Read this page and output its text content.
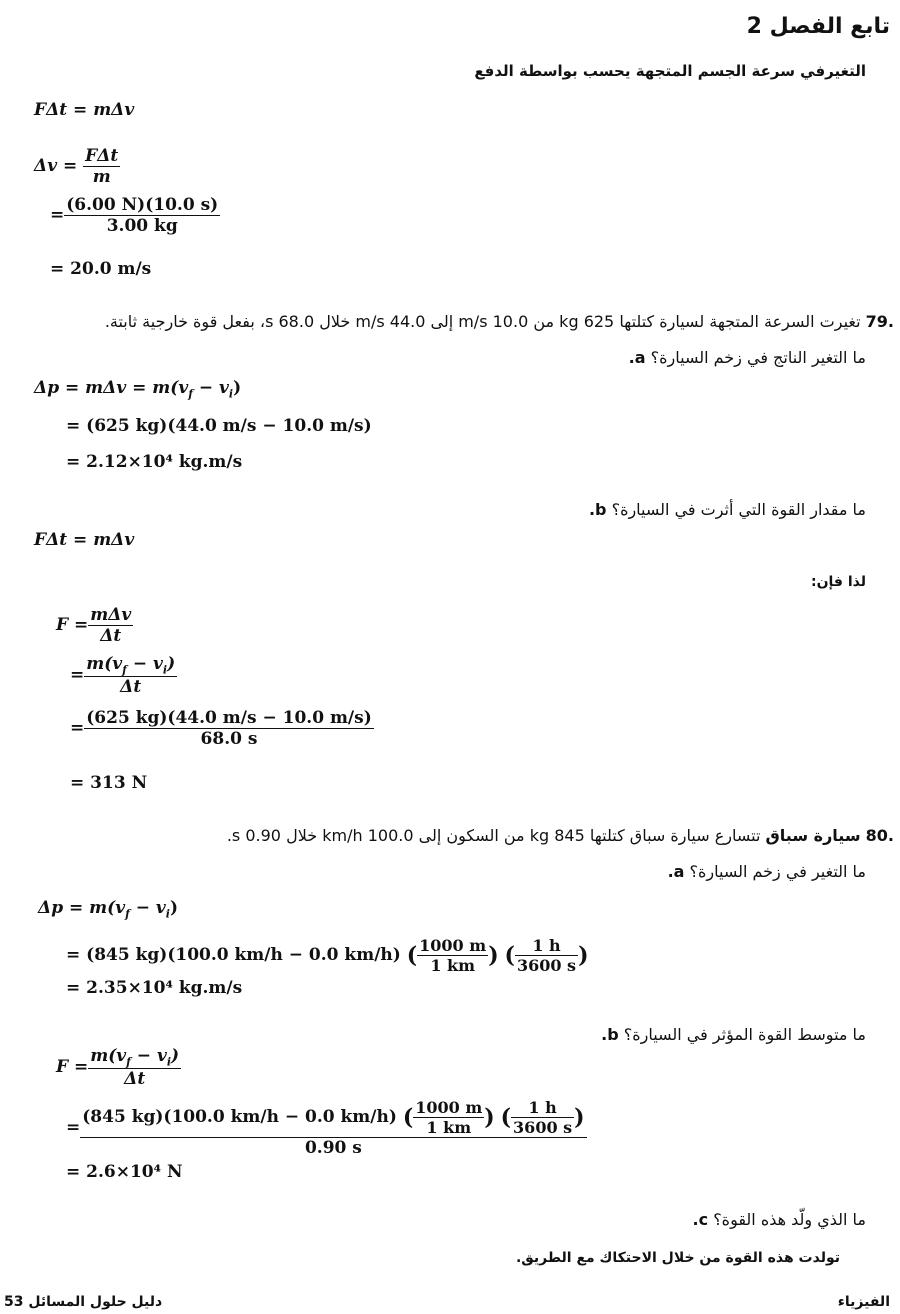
تابع الفصل 2
التغيرفي سرعة الجسم المتجهة يحسب بواسطة الدفع
FΔt = mΔv
$\Delta v = \frac{\text{FΔt}}{m}$
= $\frac{(6.00 N)(10.0 s)}{3.00 kg}$
= 20.0 m/s
.79 تغيرت السرعة المتجهة لسيارة كتلتها 625 kg من 10.0 m/s إلى 44.0 m/s خلال 68.0 s، بفعل قوة خارجية ثابتة.
.a ما التغير الناتج في زخم السيارة؟
$\Delta p = m\Delta v = m(v_f - v_i)$
= (625 kg)(44.0 m/s − 10.0 m/s)
= 2.12×10⁴ kg.m/s
.b ما مقدار القوة التي أثرت في السيارة؟
FΔt = mΔv
لذا فإن:
$F = \frac{\text{mΔv}}{\Delta t}$
= $\frac{m(v_f - v_i)}{\Delta t}$
= $\frac{(625 kg)(44.0 m/s - 10.0 m/s)}{68.0 s}$
= 313 N
.80 سيارة سباق تتسارع سيارة سباق كتلتها 845 kg من السكون إلى 100.0 km/h خلال 0.90 s.
.a ما التغير في زخم السيارة؟
$\Delta p = m(v_f - v_i)$
= (845 kg)(100.0 km/h − 0.0 km/h) ( $\frac{1000 m}{1 km}$ ) ( $\frac{1 h}{3600 s}$ )
= 2.35×10⁴ kg.m/s
.b ما متوسط القوة المؤثر في السيارة؟
$F = \frac{m(v_f - v_i)}{\Delta t}$
=
(845 kg)(100.0 km/h − 0.0 km/h) ( $\frac{1000 m}{1 km}$ ) ( $\frac{1 h}{3600 s}$ )
0.90 s
= 2.6×10⁴ N
.c ما الذي ولّد هذه القوة؟
تولدت هذه القوة من خلال الاحتكاك مع الطريق.
دليل حلول المسائل 53	الفيزياء
